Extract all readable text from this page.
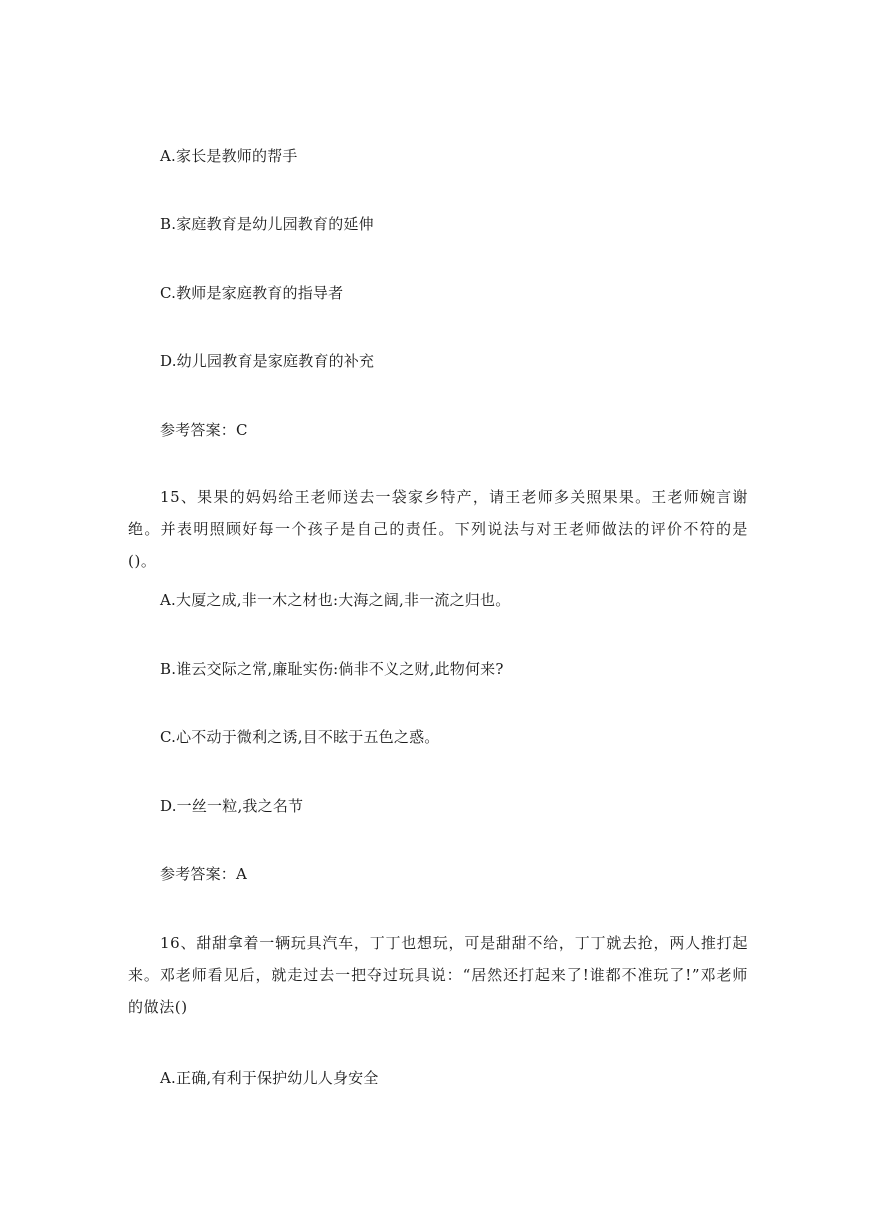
A.家长是教师的帮手
B.家庭教育是幼儿园教育的延伸
C.教师是家庭教育的指导者
D.幼儿园教育是家庭教育的补充
参考答案：C
15、果果的妈妈给王老师送去一袋家乡特产，请王老师多关照果果。王老师婉言谢绝。并表明照顾好每一个孩子是自己的责任。下列说法与对王老师做法的评价不符的是()。
A.大厦之成,非一木之材也:大海之阔,非一流之归也。
B.谁云交际之常,廉耻实伤:倘非不义之财,此物何来?
C.心不动于微利之诱,目不眩于五色之惑。
D.一丝一粒,我之名节
参考答案：A
16、甜甜拿着一辆玩具汽车，丁丁也想玩，可是甜甜不给，丁丁就去抢，两人推打起来。邓老师看见后，就走过去一把夺过玩具说：“居然还打起来了!谁都不准玩了!”邓老师的做法()
A.正确,有利于保护幼儿人身安全
